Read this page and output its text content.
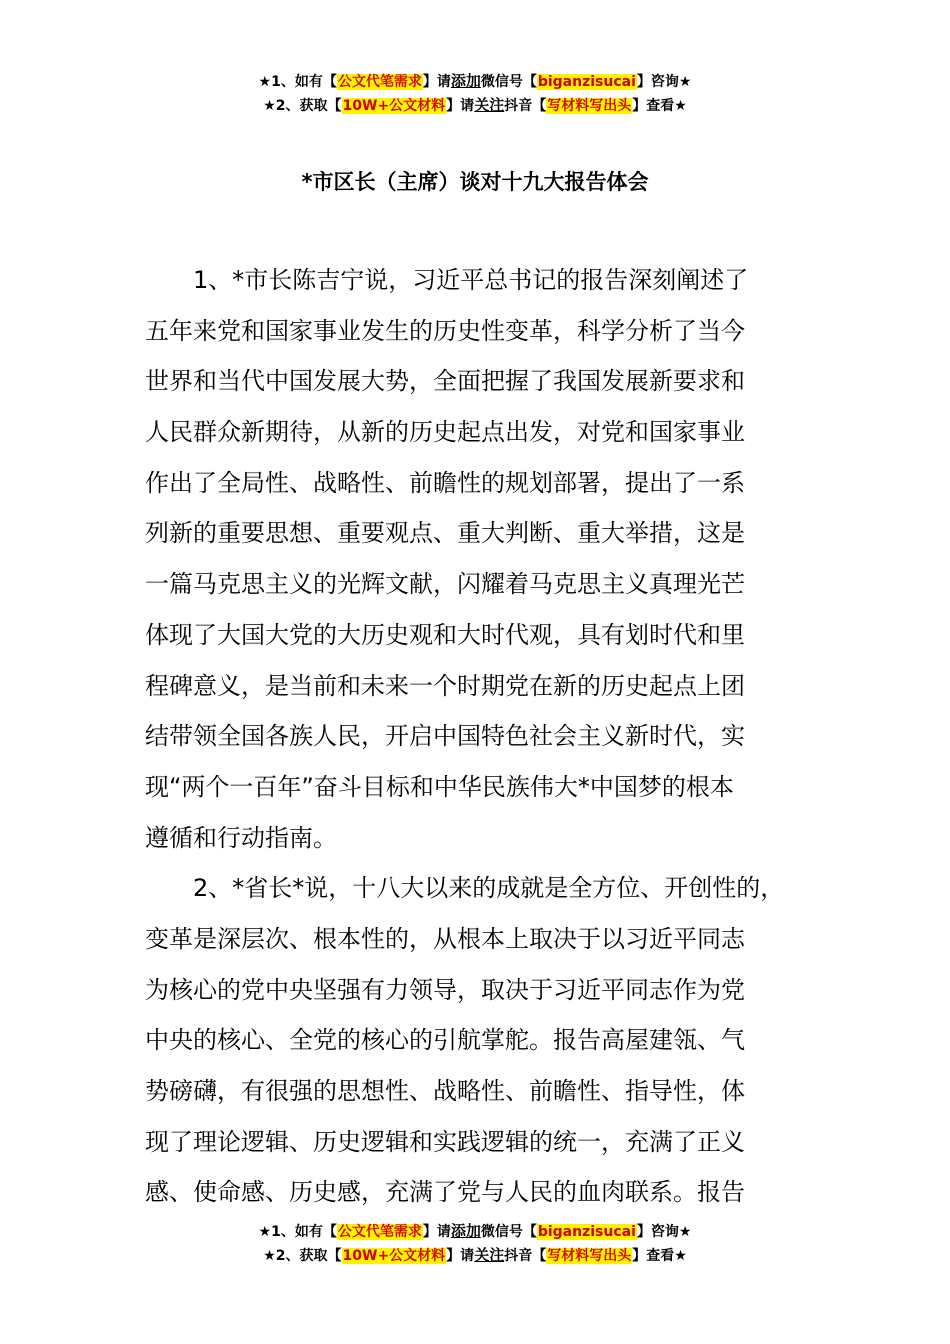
★1、如有【公文代笔需求】请添加微信号【biganzisucai】咨询★
★2、获取【10W+公文材料】请关注抖音【写材料写出头】查看★
*市区长（主席）谈对十九大报告体会
1、*市长陈吉宁说，习近平总书记的报告深刻阐述了
五年来党和国家事业发生的历史性变革，科学分析了当今
世界和当代中国发展大势，全面把握了我国发展新要求和
人民群众新期待，从新的历史起点出发，对党和国家事业
作出了全局性、战略性、前瞻性的规划部署，提出了一系
列新的重要思想、重要观点、重大判断、重大举措，这是
一篇马克思主义的光辉文献，闪耀着马克思主义真理光芒
体现了大国大党的大历史观和大时代观，具有划时代和里
程碑意义，是当前和未来一个时期党在新的历史起点上团
结带领全国各族人民，开启中国特色社会主义新时代，实
现“两个一百年”奋斗目标和中华民族伟大*中国梦的根本
遵循和行动指南。
2、*省长*说，十八大以来的成就是全方位、开创性的，
变革是深层次、根本性的，从根本上取决于以习近平同志
为核心的党中央坚强有力领导，取决于习近平同志作为党
中央的核心、全党的核心的引航掌舵。报告高屋建瓴、气
势磅礴，有很强的思想性、战略性、前瞻性、指导性，体
现了理论逻辑、历史逻辑和实践逻辑的统一，充满了正义
感、使命感、历史感，充满了党与人民的血肉联系。报告
★1、如有【公文代笔需求】请添加微信号【biganzisucai】咨询★
★2、获取【10W+公文材料】请关注抖音【写材料写出头】查看★
